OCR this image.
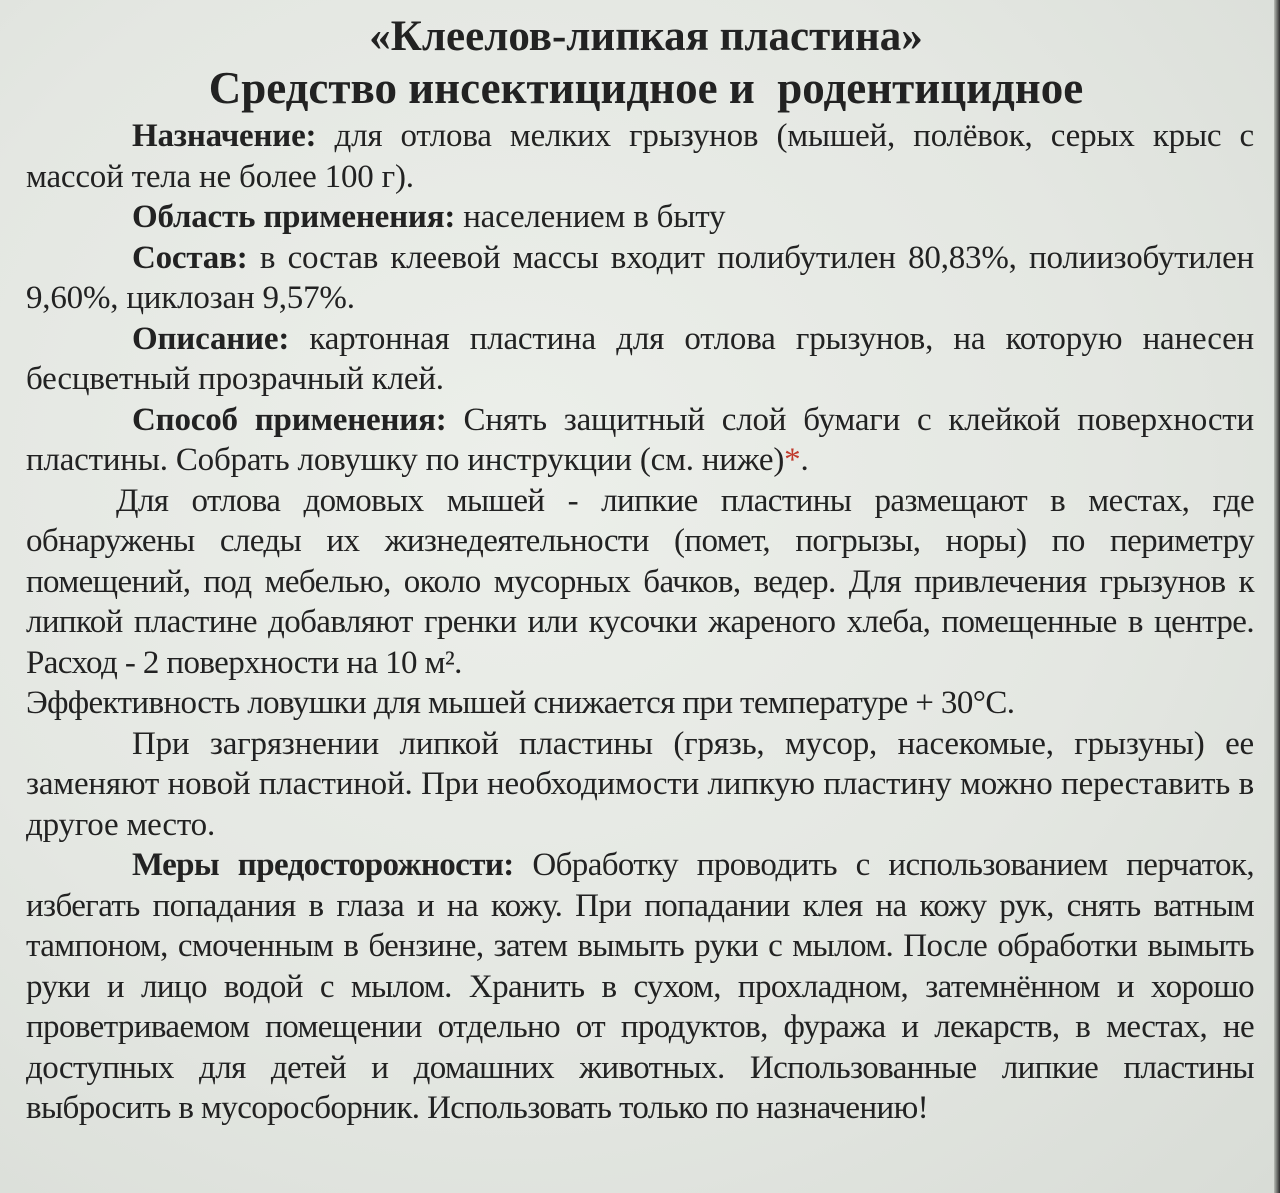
«Клеелов-липкая пластина»
Средство инсектицидное и  родентицидное

Назначение: для отлова мелких грызунов (мышей, полёвок, серых крыс с массой тела не более 100 г).

Область применения: населением в быту

Состав: в состав клеевой массы входит полибутилен 80,83%, полиизобутилен 9,60%, циклозан 9,57%.

Описание: картонная пластина для отлова грызунов, на которую нанесен бесцветный прозрачный клей.

Способ применения: Снять защитный слой бумаги с клейкой поверхности пластины. Собрать ловушку по инструкции (см. ниже)*.

Для отлова домовых мышей - липкие пластины размещают в местах, где обнаружены следы их жизнедеятельности (помет, погрызы, норы) по периметру помещений, под мебелью, около мусорных бачков, ведер. Для привлечения грызунов к липкой пластине добавляют гренки или кусочки жареного хлеба, помещенные в центре. Расход - 2 поверхности на 10 м².

Эффективность ловушки для мышей снижается при температуре + 30°С.

При загрязнении липкой пластины (грязь, мусор, насекомые, грызуны) ее заменяют новой пластиной. При необходимости липкую пластину можно переставить в другое место.

Меры предосторожности: Обработку проводить с использованием перчаток, избегать попадания в глаза и на кожу. При попадании клея на кожу рук, снять ватным тампоном, смоченным в бензине, затем вымыть руки с мылом. После обработки вымыть руки и лицо водой с мылом. Хранить в сухом, прохладном, затемнённом и хорошо проветриваемом помещении отдельно от продуктов, фуража и лекарств, в местах, не доступных для детей и домашних животных. Использованные липкие пластины выбросить в мусоросборник. Использовать только по назначению!
